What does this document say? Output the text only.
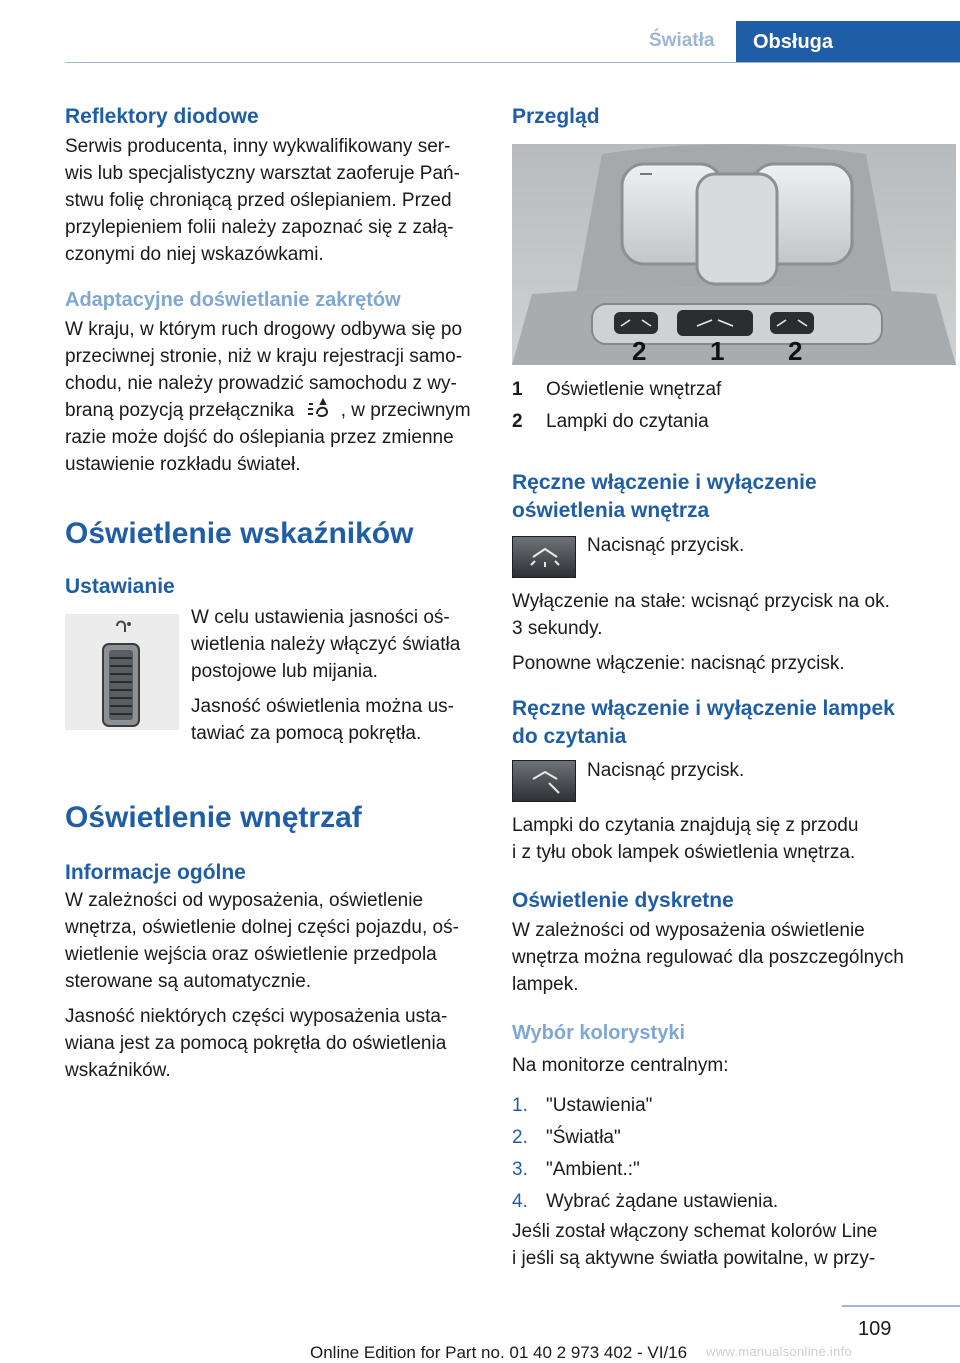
Światła	Obsługa
Reflektory diodowe

Serwis producenta, inny wykwalifikowany ser‐

wis lub specjalistyczny warsztat zaoferuje Pań‐

stwu folię chroniącą przed oślepianiem. Przed

przylepieniem folii należy zapoznać się z załą‐

czonymi do niej wskazówkami.

Adaptacyjne doświetlanie zakrętów

W kraju, w którym ruch drogowy odbywa się po

przeciwnej stronie, niż w kraju rejestracji samo‐

chodu, nie należy prowadzić samochodu z wy‐

braną pozycją przełącznika , w przeciwnym

razie może dojść do oślepiania przez zmienne

ustawienie rozkładu świateł.

Oświetlenie wskaźników
Ustawianie

W celu ustawienia jasności oś‐

wietlenia należy włączyć światła

postojowe lub mijania.

Jasność oświetlenia można us‐

tawiać za pomocą pokrętła.

Oświetlenie wnętrzaf
Informacje ogólne

W zależności od wyposażenia, oświetlenie

wnętrza, oświetlenie dolnej części pojazdu, oś‐

wietlenie wejścia oraz oświetlenie przedpola

sterowane są automatycznie.

Jasność niektórych części wyposażenia usta‐

wiana jest za pomocą pokrętła do oświetlenia

wskaźników.

Przegląd
2 1 2
1 Oświetlenie wnętrzaf
2 Lampki do czytania
Ręczne włączenie i wyłączenie
oświetlenia wnętrza
Nacisnąć przycisk.

Wyłączenie na stałe: wcisnąć przycisk na ok.

3 sekundy.

Ponowne włączenie: nacisnąć przycisk.

Ręczne włączenie i wyłączenie lampek
do czytania
Nacisnąć przycisk.

Lampki do czytania znajdują się z przodu

i z tyłu obok lampek oświetlenia wnętrza.

Oświetlenie dyskretne

W zależności od wyposażenia oświetlenie

wnętrza można regulować dla poszczególnych

lampek.

Wybór kolorystyki
Na monitorze centralnym:
1. "Ustawienia"
2. "Światła"
3. "Ambient.:"
4. Wybrać żądane ustawienia.

Jeśli został włączony schemat kolorów Line

i jeśli są aktywne światła powitalne, w przy‐

109
Online Edition for Part no. 01 40 2 973 402 - VI/16 www.manualsonline.info
